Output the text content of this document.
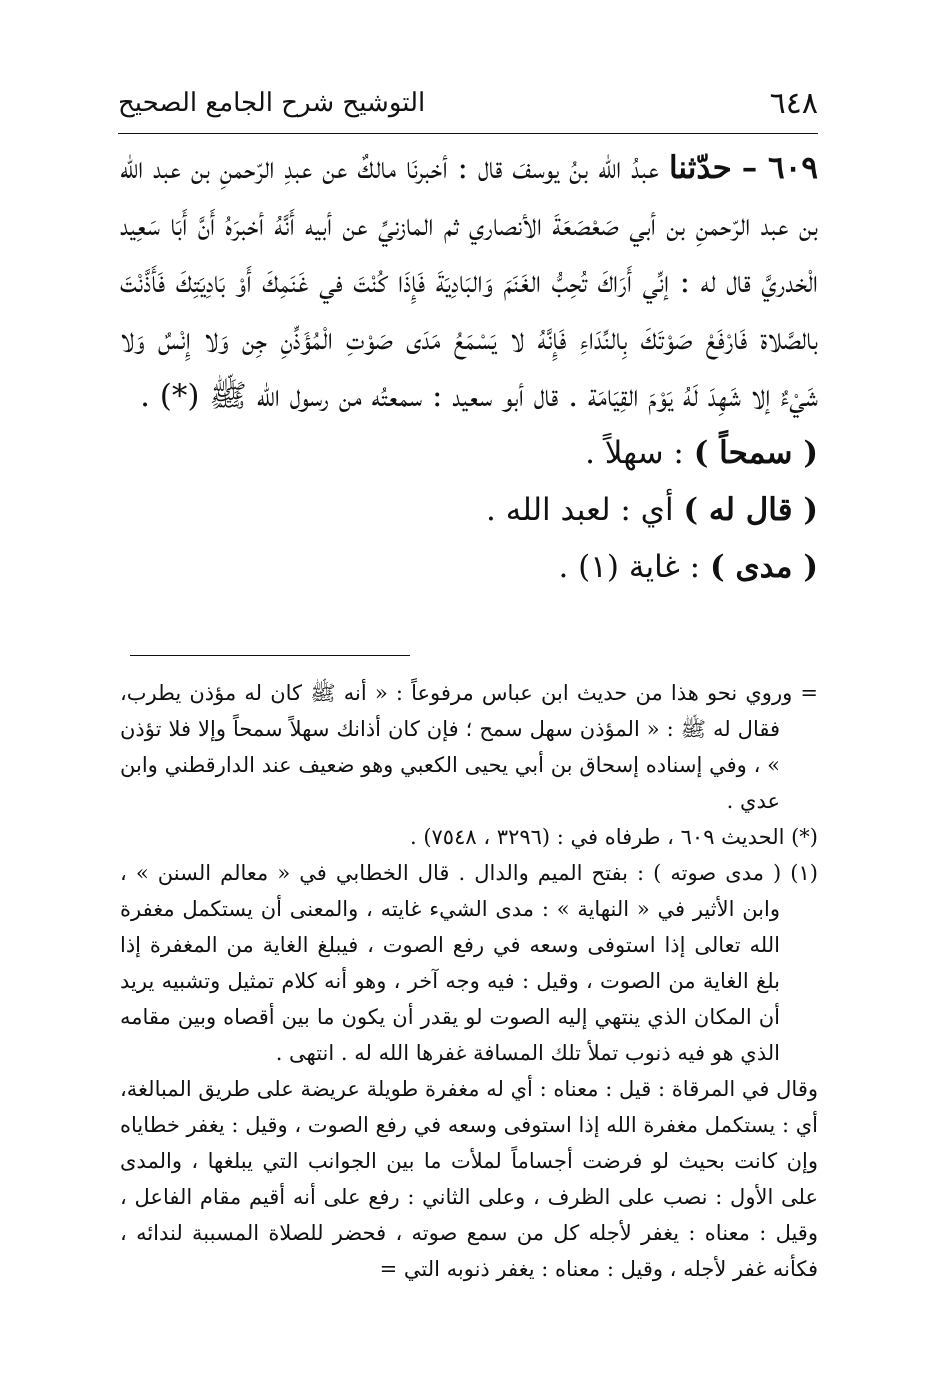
٦٤٨
التوشيح شرح الجامع الصحيح

٦٠٩ – حدّثنا عبدُ الله بنُ يوسفَ قال : أخبرنَا مالكٌ عن عبدِ الرّحمنِ بن عبد الله بن عبد الرّحمنِ بن أبي صَعْصَعَةَ الأنصاري ثم المازنيِّ عن أبيه أَنَّهُ أخبرَهُ أَنَّ أَبَا سَعِيد الْخدريَّ قال له : إنِّي أَرَاكَ تُحِبُّ الغَنَمَ وَالبَادِيَةَ فَإِذَا كُنْتَ في غَنَمِكَ أَوْ بَادِيَتِكَ فَأَذَّنْتَ بالصَّلاة فَارْفَعْ صَوْتَكَ بِالنِّدَاءِ فَإِنَّهُ لا يَسْمَعُ مَدَى صَوْتِ الْمُؤَذِّنِ جِن وَلا إِنْسٌ وَلا شَيْءٌ إلا شَهِدَ لَهُ يَوْمَ القِيَامَة . قال أبو سعيد : سمعتُه من رسول الله ﷺ (*) .

( سمحاً ) : سهلاً .

( قال له ) أي : لعبد الله .

( مدى ) : غاية (١) .

= وروي نحو هذا من حديث ابن عباس مرفوعاً : « أنه ﷺ كان له مؤذن يطرب، فقال له ﷺ : « المؤذن سهل سمح ؛ فإن كان أذانك سهلاً سمحاً وإلا فلا تؤذن » ، وفي إسناده إسحاق بن أبي يحيى الكعبي وهو ضعيف عند الدارقطني وابن عدي .

(*) الحديث ٦٠٩ ، طرفاه في : (٣٢٩٦ ، ٧٥٤٨) .

(١) ( مدى صوته ) : بفتح الميم والدال . قال الخطابي في « معالم السنن » ، وابن الأثير في « النهاية » : مدى الشيء غايته ، والمعنى أن يستكمل مغفرة الله تعالى إذا استوفى وسعه في رفع الصوت ، فيبلغ الغاية من المغفرة إذا بلغ الغاية من الصوت ، وقيل : فيه وجه آخر ، وهو أنه كلام تمثيل وتشبيه يريد أن المكان الذي ينتهي إليه الصوت لو يقدر أن يكون ما بين أقصاه وبين مقامه الذي هو فيه ذنوب تملأ تلك المسافة غفرها الله له . انتهى .

وقال في المرقاة : قيل : معناه : أي له مغفرة طويلة عريضة على طريق المبالغة، أي : يستكمل مغفرة الله إذا استوفى وسعه في رفع الصوت ، وقيل : يغفر خطاياه وإن كانت بحيث لو فرضت أجساماً لملأت ما بين الجوانب التي يبلغها ، والمدى على الأول : نصب على الظرف ، وعلى الثاني : رفع على أنه أقيم مقام الفاعل ، وقيل : معناه : يغفر لأجله كل من سمع صوته ، فحضر للصلاة المسببة لندائه ، فكأنه غفر لأجله ، وقيل : معناه : يغفر ذنوبه التي =
